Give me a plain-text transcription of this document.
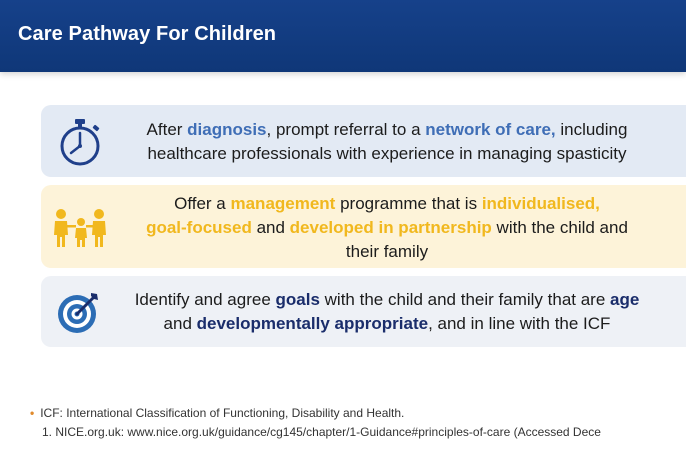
Care Pathway For Children
After diagnosis, prompt referral to a network of care, including
healthcare professionals with experience in managing spasticity
Offer a management programme that is individualised,
goal-focused and developed in partnership with the child and
their family
Identify and agree goals with the child and their family that are age
and developmentally appropriate, and in line with the ICF
• ICF: International Classification of Functioning, Disability and Health.
1. NICE.org.uk: www.nice.org.uk/guidance/cg145/chapter/1-Guidance#principles-of-care (Accessed Dece
